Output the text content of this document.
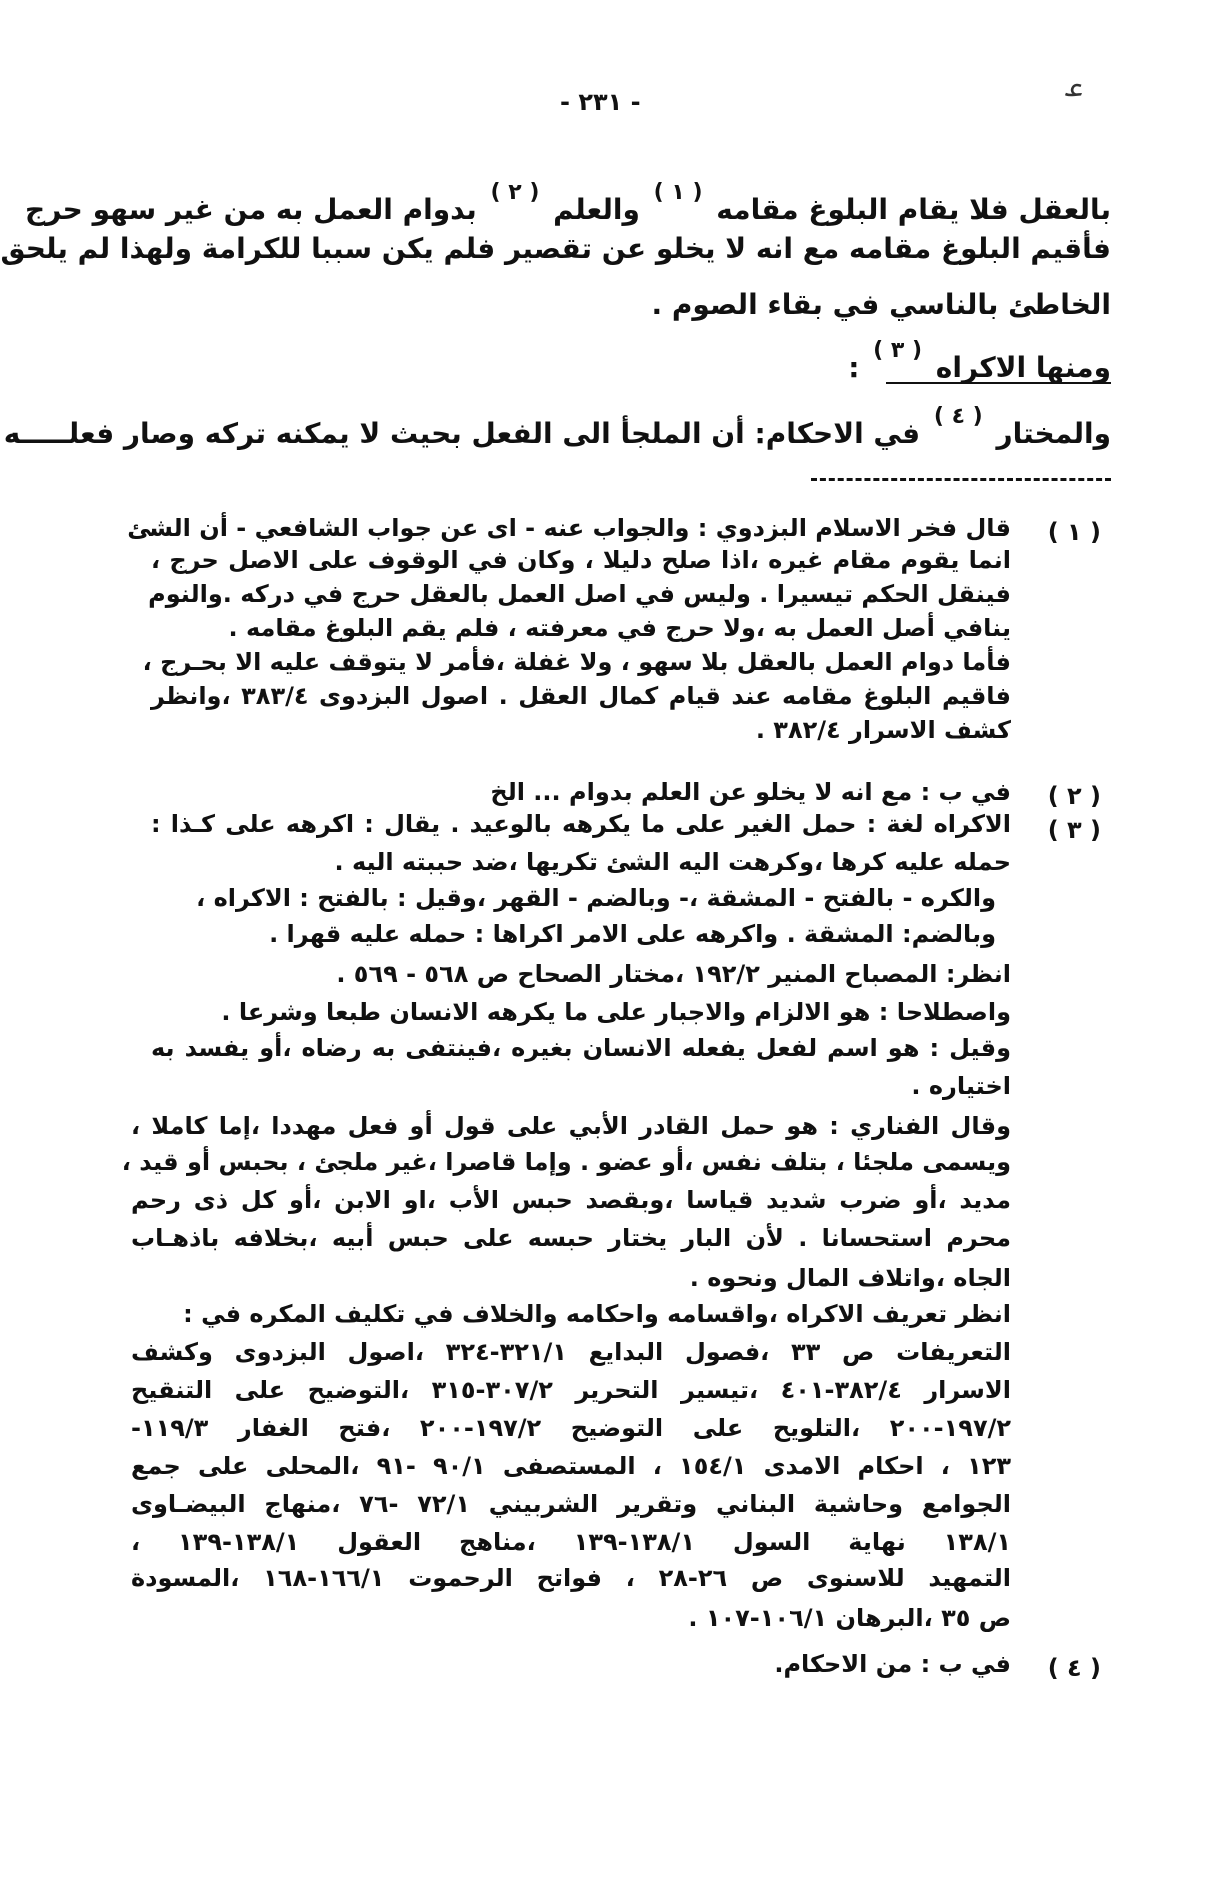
- ٢٣١ -	ﻋ
بالعقل فلا يقام البلوغ مقامه ( ١ ) والعلم ( ٢ ) بدوام العمل به من غير سهو حرج
فأقيم البلوغ مقامه مع انه لا يخلو عن تقصير فلم يكن سببا للكرامة ولهذا لم يلحق
الخاطئ بالناسي في بقاء الصوم .
ومنها الاكراه ( ٣ ) :
والمختار ( ٤ ) في الاحكام: أن الملجأ الى الفعل بحيث لا يمكنه تركه وصار فعلـــــه
( ١ )
قال فخر الاسلام البزدوي : والجواب عنه - اى عن جواب الشافعي - أن الشئ
انما يقوم مقام غيره ،اذا صلح دليلا ، وكان في الوقوف على الاصل حرج ،
فينقل الحكم تيسيرا . وليس في اصل العمل بالعقل حرج في دركه .والنوم
ينافي أصل العمل به ،ولا حرج في معرفته ، فلم يقم البلوغ مقامه .
فأما دوام العمل بالعقل بلا سهو ، ولا غفلة ،فأمر لا يتوقف عليه الا بحـرج ،
فاقيم البلوغ مقامه عند قيام كمال العقل . اصول البزدوى ٣٨٣/٤ ،وانظر
كشف الاسرار ٣٨٢/٤ .
( ٢ )
في ب : مع انه لا يخلو عن العلم بدوام ... الخ
( ٣ )
الاكراه لغة : حمل الغير على ما يكرهه بالوعيد . يقال : اكرهه على كـذا :
حمله عليه كرها ،وكرهت اليه الشئ تكريها ،ضد حببته اليه .
والكره - بالفتح - المشقة ،- وبالضم - القهر ،وقيل : بالفتح : الاكراه ،
وبالضم: المشقة . واكرهه على الامر اكراها : حمله عليه قهرا .
انظر: المصباح المنير ١٩٢/٢ ،مختار الصحاح ص ٥٦٨ - ٥٦٩ .
واصطلاحا : هو الالزام والاجبار على ما يكرهه الانسان طبعا وشرعا .
وقيل : هو اسم لفعل يفعله الانسان بغيره ،فينتفى به رضاه ،أو يفسد به
اختياره .
وقال الفناري : هو حمل القادر الأبي على قول أو فعل مهددا ،إما كاملا ،
ويسمى ملجئا ، بتلف نفس ،أو عضو . وإما قاصرا ،غير ملجئ ، بحبس أو قيد ،
مديد ،أو ضرب شديد قياسا ،وبقصد حبس الأب ،او الابن ،أو كل ذى رحم
محرم استحسانا . لأن البار يختار حبسه على حبس أبيه ،بخلافه باذهـاب
الجاه ،واتلاف المال ونحوه .
انظر تعريف الاكراه ،واقسامه واحكامه والخلاف في تكليف المكره في :
التعريفات ص ٣٣ ،فصول البدايع ٣٢١/١-٣٢٤ ،اصول البزدوى وكشف
الاسرار ٣٨٢/٤-٤٠١ ،تيسير التحرير ٣٠٧/٢-٣١٥ ،التوضيح على التنقيح
١٩٧/٢-٢٠٠ ،التلويح على التوضيح ١٩٧/٢-٢٠٠ ،فتح الغفار ١١٩/٣-
١٢٣ ، احكام الامدى ١٥٤/١ ، المستصفى ٩٠/١ -٩١ ،المحلى على جمع
الجوامع وحاشية البناني وتقرير الشربيني ٧٢/١ -٧٦ ،منهاج البيضـاوى
١٣٨/١ نهاية السول ١٣٨/١-١٣٩ ،مناهج العقول ١٣٨/١-١٣٩ ،
التمهيد للاسنوى ص ٢٦-٢٨ ، فواتح الرحموت ١٦٦/١-١٦٨ ،المسودة
ص ٣٥ ،البرهان ١٠٦/١-١٠٧ .
( ٤ )
في ب : من الاحكام.
